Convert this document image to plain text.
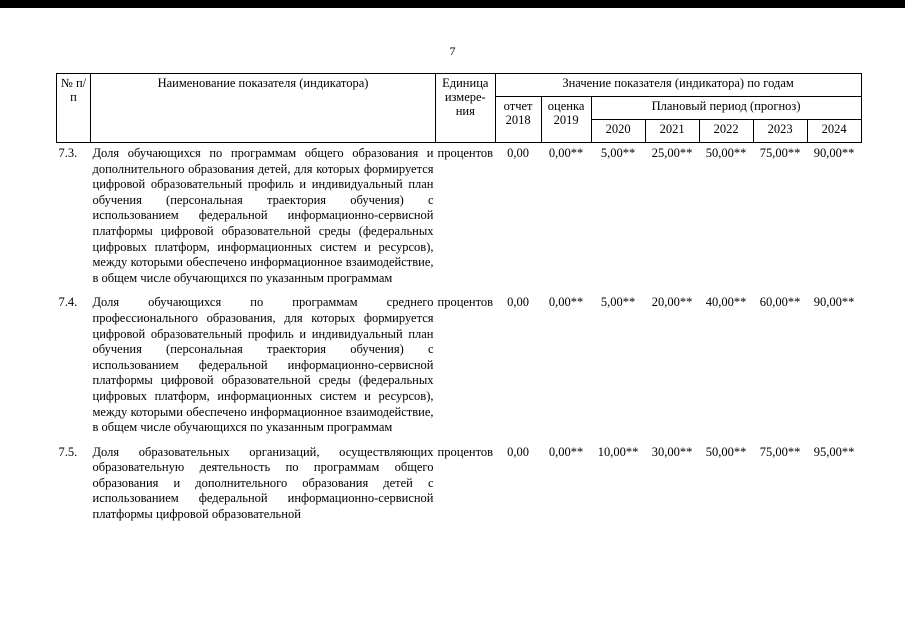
7
№ п/п	Наименование показателя (индикатора)	Единица измере-ния	Значение показателя (индикатора) по годам						
			отчет 2018	оценка 2019	Плановый период (прогноз)				
					2020	2021	2022	2023	2024
7.3.	Доля обучающихся по программам общего образования и дополнительного образования детей, для которых формируется цифровой образовательный профиль и индивидуальный план обучения (персональная траектория обучения) с использованием федеральной информационно-сервисной платформы цифровой образовательной среды (федеральных цифровых платформ, информационных систем и ресурсов), между которыми обеспечено информационное взаимодействие, в общем числе обучающихся по указанным программам	процентов	0,00	0,00**	5,00**	25,00**	50,00**	75,00**	90,00**
7.4.	Доля обучающихся по программам среднего профессионального образования, для которых формируется цифровой образовательный профиль и индивидуальный план обучения (персональная траектория обучения) с использованием федеральной информационно-сервисной платформы цифровой образовательной среды (федеральных цифровых платформ, информационных систем и ресурсов), между которыми обеспечено информационное взаимодействие, в общем числе обучающихся по указанным программам	процентов	0,00	0,00**	5,00**	20,00**	40,00**	60,00**	90,00**
7.5.	Доля образовательных организаций, осуществляющих образовательную деятельность по программам общего образования и дополнительного образования детей с использованием федеральной информационно-сервисной платформы цифровой образовательной	процентов	0,00	0,00**	10,00**	30,00**	50,00**	75,00**	95,00**
